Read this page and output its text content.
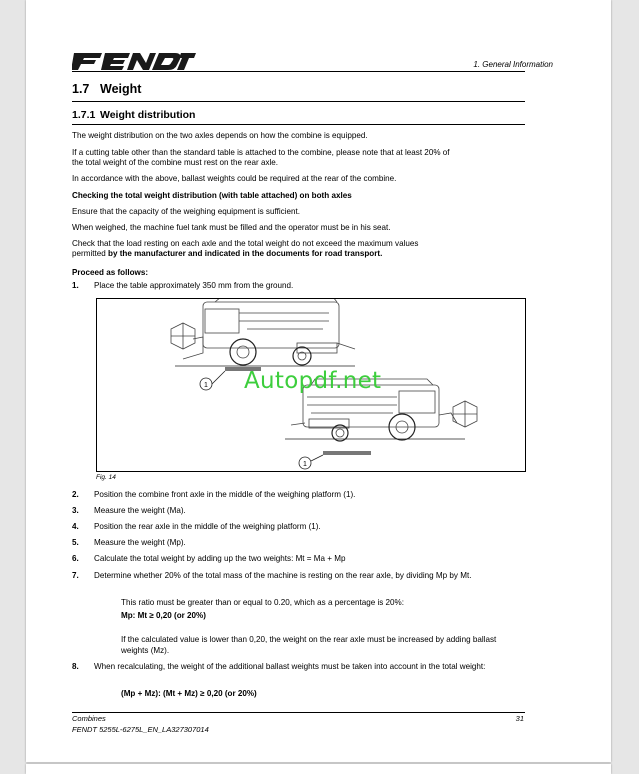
1. General Information
1.7 Weight
1.7.1 Weight distribution
The weight distribution on the two axles depends on how the combine is equipped.
If a cutting table other than the standard table is attached to the combine, please note that at least 20% of
the total weight of the combine must rest on the rear axle.
In accordance with the above, ballast weights could be required at the rear of the combine.
Checking the total weight distribution (with table attached) on both axles
Ensure that the capacity of the weighing equipment is sufficient.
When weighed, the machine fuel tank must be filled and the operator must be in his seat.
Check that the load resting on each axle and the total weight do not exceed the maximum values
permitted by the manufacturer and indicated in the documents for road transport.
Proceed as follows:
1.	Place the table approximately 350 mm from the ground.
1
1
Autopdf.net
Fig. 14
2.	Position the combine front axle in the middle of the weighing platform (1).
3.	Measure the weight (Ma).
4.	Position the rear axle in the middle of the weighing platform (1).
5.	Measure the weight (Mp).
6.	Calculate the total weight by adding up the two weights: Mt = Ma + Mp
7.	Determine whether 20% of the total mass of the machine is resting on the rear axle, by dividing Mp by Mt.
This ratio must be greater than or equal to 0.20, which as a percentage is 20%:
Mp: Mt ≥ 0,20 (or 20%)
If the calculated value is lower than 0,20, the weight on the rear axle must be increased by adding ballast weights (Mz).
8.	When recalculating, the weight of the additional ballast weights must be taken into account in the total weight:
(Mp + Mz): (Mt + Mz) ≥ 0,20 (or 20%)
Combines
FENDT 5255L-6275L_EN_LA327307014
31
